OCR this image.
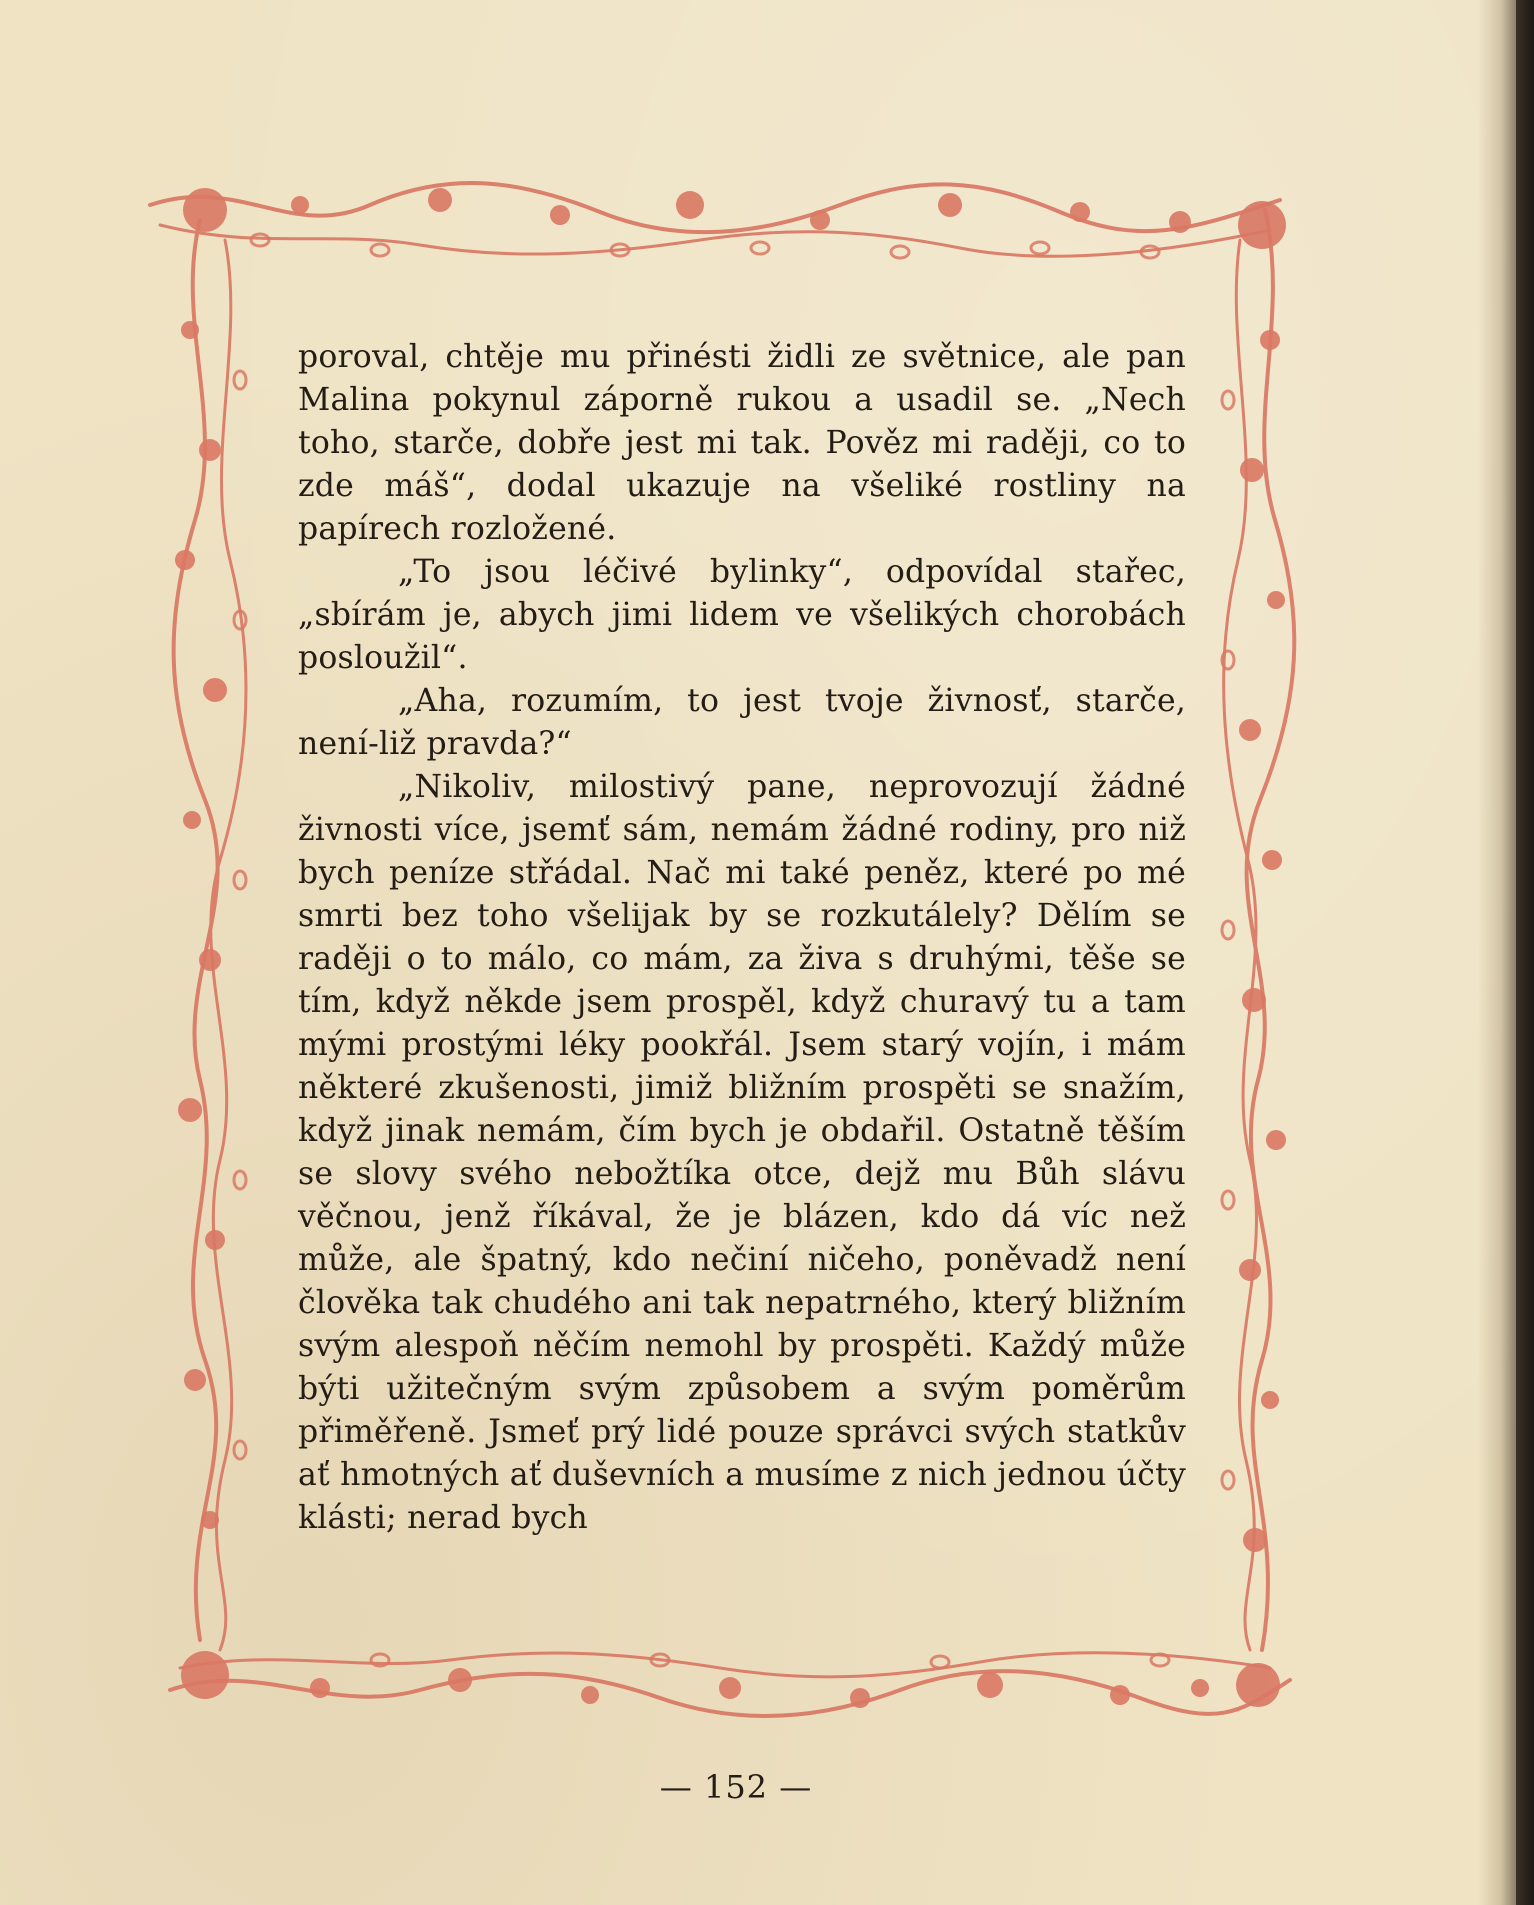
poroval, chtěje mu přinésti židli ze světnice, ale pan Malina pokynul záporně rukou a usadil se. „Nech toho, starče, dobře jest mi tak. Pověz mi raději, co to zde máš“, dodal ukazuje na všeliké rostliny na papírech rozložené.

„To jsou léčivé bylinky“, odpovídal stařec, „sbírám je, abych jimi lidem ve všelikých chorobách posloužil“.

„Aha, rozumím, to jest tvoje živnosť, starče, není-liž pravda?“

„Nikoliv, milostivý pane, neprovozují žádné živnosti více, jsemť sám, nemám žádné rodiny, pro niž bych peníze střádal. Nač mi také peněz, které po mé smrti bez toho všelijak by se rozkutálely? Dělím se raději o to málo, co mám, za živa s druhými, těše se tím, když někde jsem prospěl, když churavý tu a tam mými prostými léky pookřál. Jsem starý vojín, i mám některé zkušenosti, jimiž bližním prospěti se snažím, když jinak nemám, čím bych je obdařil. Ostatně těším se slovy svého nebožtíka otce, dejž mu Bůh slávu věčnou, jenž říkával, že je blázen, kdo dá víc než může, ale špatný, kdo nečiní ničeho, poněvadž není člověka tak chudého ani tak nepatrného, který bližním svým alespoň něčím nemohl by prospěti. Každý může býti užitečným svým způsobem a svým poměrům přiměřeně. Jsmeť prý lidé pouze správci svých statkův ať hmotných ať duševních a musíme z nich jednou účty klásti; nerad bych

— 152 —
